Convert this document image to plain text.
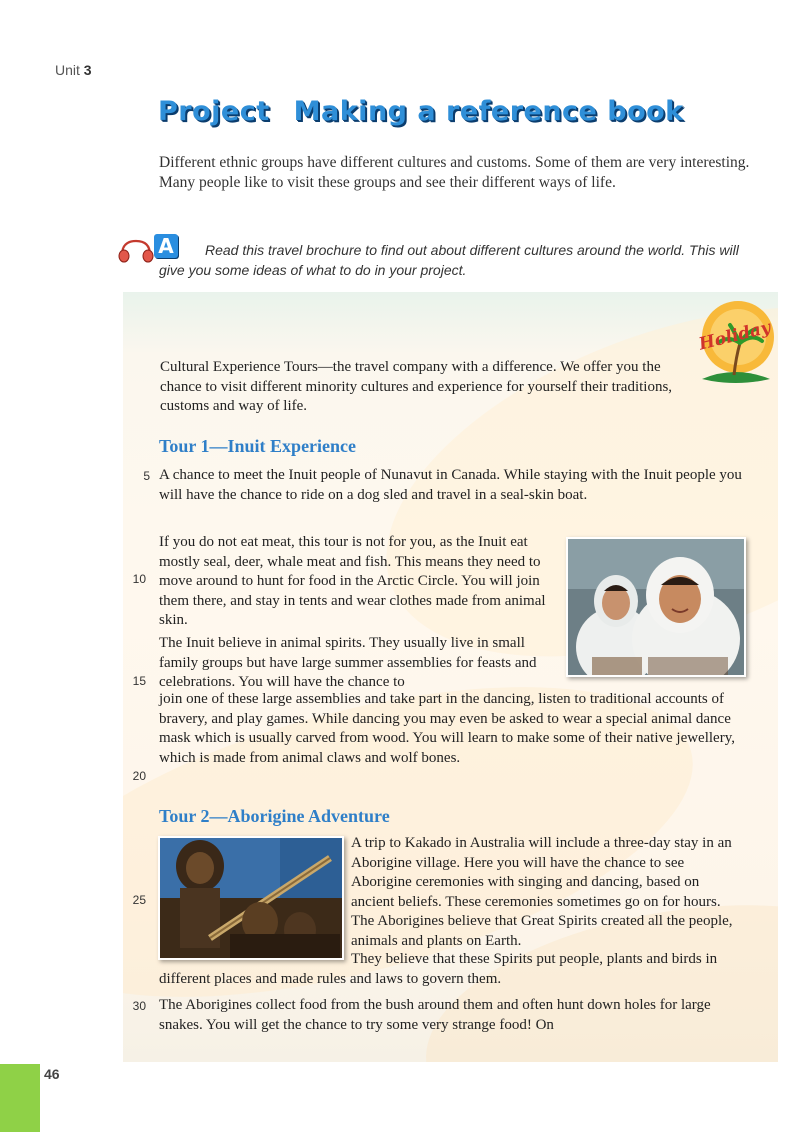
Unit 3
Project Making a reference book
Different ethnic groups have different cultures and customs. Some of them are very interesting. Many people like to visit these groups and see their different ways of life.
A	Read this travel brochure to find out about different cultures around the world. This will give you some ideas of what to do in your project.
Holiday
Cultural Experience Tours—the travel company with a difference. We offer you the chance to visit different minority cultures and experience for yourself their traditions, customs and way of life.
Tour 1—Inuit Experience
5 A chance to meet the Inuit people of Nunavut in Canada. While staying with the Inuit people you will have the chance to ride on a dog sled and travel in a seal-skin boat.
If you do not eat meat, this tour is not for you, as the Inuit eat mostly seal, deer, whale meat and fish. This means they need to move around to hunt for food in the Arctic Circle. You will join them there, and stay in tents and wear clothes made from animal skin.
10
The Inuit believe in animal spirits. They usually live in small family groups but have large summer assemblies for feasts and celebrations. You will have the chance to
15
join one of these large assemblies and take part in the dancing, listen to traditional accounts of bravery, and play games. While dancing you may even be asked to wear a special animal dance mask which is usually carved from wood. You will learn to make some of their native jewellery, which is made from animal claws and wolf bones.
20
Tour 2—Aborigine Adventure
A trip to Kakado in Australia will include a three-day stay in an Aborigine village. Here you will have the chance to see Aborigine ceremonies with singing and dancing, based on ancient beliefs. These ceremonies sometimes go on for hours. The Aborigines believe that Great Spirits created all the people, animals and plants on Earth.
25
They believe that these Spirits put people, plants and birds in different places and made rules and laws to govern them.
30 The Aborigines collect food from the bush around them and often hunt down holes for large snakes. You will get the chance to try some very strange food! On
46
